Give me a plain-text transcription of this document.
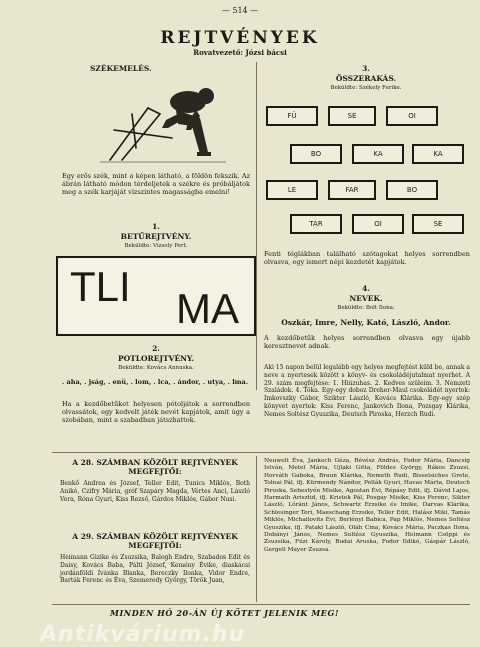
— 514 —
REJTVÉNYEK
Rovatvezető: Józsi bácsi
SZÉKEMELÉS.
Egy erős szék, mint a képen látható, a földön fekszik. Az ábrán látható módon térdeljetek a székre és próbáljátok meg a szék karjáját vízszintes magasságba emelni!
1.
BETŰREJTVÉNY.
Beküldte: Vizsoly Pert.
TLI MA
2.
POTLOREJTVÉNY.
Beküldte: Kovács Annuska.
. aha, . jság, . enü, . lom, . lca, . ándor, . utya, . lma.
Ha a kezdőbetűket helyesen pótoljátok a sorrendben olvassátok, egy kedvelt játék nevét kapjátok, amit úgy a szobában, mint a szabadban játszhattok.
3.
ÖSSZERAKÁS.
Beküldte: Székely Ferike.
FÜ	SE	OI
BO	KA	KA
LE	FAR	BO
TAR	OI	SE
Fenti téglákban található szótagokat helyes sorrendben olvasva, egy ismert népi kezdetét kapjátok.
4.
NEVEK.
Beküldte: Bolt Ilona.
Oszkár, Imre, Nelly, Kató, László, Andor.
A kezdőbetűk helyes sorrendben olvasva egy újabb keresztnevet adnak.
Aki 15 napon belül legalább egy helyes megfejtést küld be, annak a neve a nyertesek között s könyv- és csokoládéjutalmat nyerhet. A 29. szám megfejtése: 1. Hiúzuhas. 2. Kedves szüleim. 3. Nemzeti Szaládok. 4. Tóka. Egy-egy doboz Dreher-Maul csokoládét nyertek: Imkovszky Gábor, Szikter László, Kovács Klárika. Egy-egy szép könyvet nyertek: Kiss Ferenc, Jankovich Ilona, Pozsgay Klárika, Nemes Soltész Gyuszika, Deutsch Piroska, Herzch Rudi.
A 28. SZÁMBAN KÖZÖLT REJTVÉNYEK MEGFEJTŐI:
Benkő Andrea és József, Teller Edit, Tunics Miklós, Both Anikó, Czifry Mária, gróf Szapáry Magda, Vértes Anci, László Vera, Róna Gyuri, Kiss Rezső, Gárdos Miklós, Gábor Nusi.
A 29. SZÁMBAN KÖZÖLT REJTVÉNYEK MEGFEJTŐI:
Heimann Gizike és Zsuzsika, Balogh Endre, Szabados Edit és Daisy, Kovács Baba, Pálti József, Kemény Évike, diaskácsi jordánföldi Ivánka Blanka, Bereczky Ilonka, Vidor Endre, Barták Ferenc és Éva, Szemeredy György, Török Juan,
Neuwelt Éva, Jankech Géza, Révész András, Fodor Mária, Dancsig István, Metel Mária, Ujlaki Gitta, Földes György, Rákos Zsuzsi, Horváth Gaboka, Braun Klárika, Nemeth Rudi, Bisselsiches Grete, Tolnai Pál, ifj. Kürmendy Nándor, Pollák Gyuri, Havas Márta, Deutsch Piroska, Sebestyén Misike, Agostan Évi, Répásy Edit, ifj. Dávid Lajos, Harmath Arisztid, ifj. Kristek Pál, Posgay Misike, Kiss Ferenc, Sikter László, Lóránt János, Schwartz Erzsike és Imike, Darvas Klárika, Schlesinger Teri, Maeschang Erzsike, Teller Edit, Halász Miki, Tamás Miklós, Michailovits Évi, Berlényi Babica, Pap Miklós, Nemes Soltész Gyuszika, ifj. Pataki László, Oláh Cina, Kovács Mária, Paczkas Ilona, Dobányi János, Nemes Soltész Gyuszika, Heimann Csöppi és Zsuzsika, Füzi Károly, Budai Aruska, Fodor Ildikó, Gáspár László, Gergeli Mayer Zsuzsa.
MINDEN HÓ 20-ÁN ÚJ KÖTET JELENIK MEG!
Antikvárium.hu
